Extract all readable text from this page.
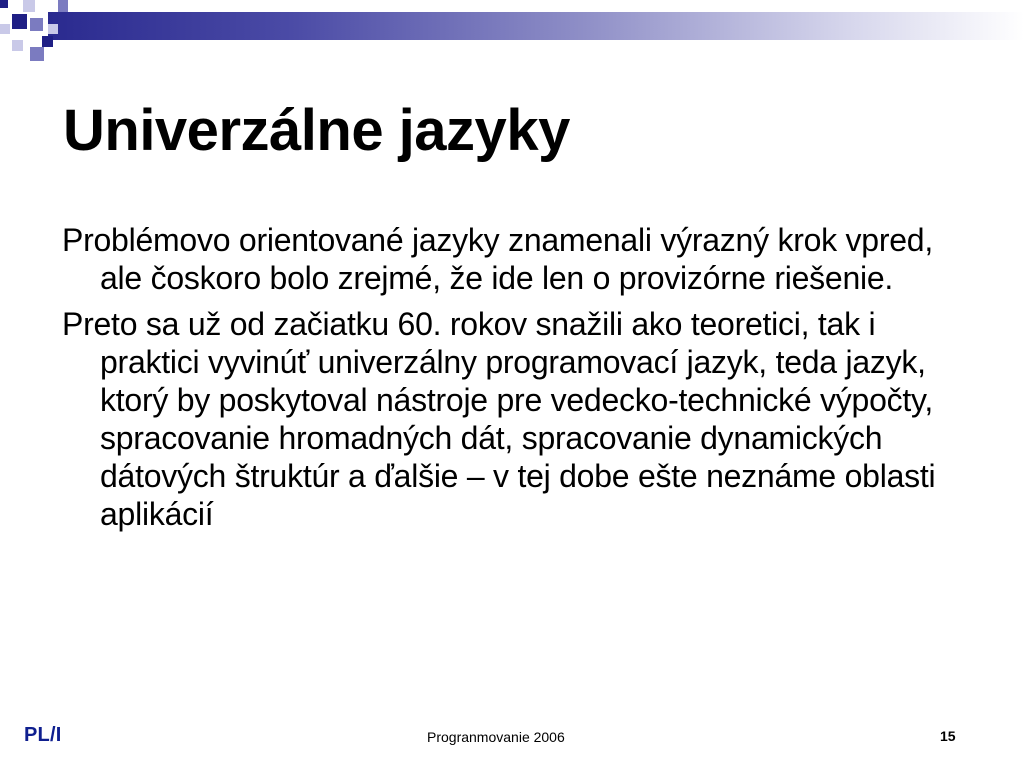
Univerzálne jazyky
Problémovo orientované jazyky znamenali výrazný krok vpred, ale čoskoro bolo zrejmé, že ide len o provizórne riešenie.
Preto sa už od začiatku 60. rokov snažili ako teoretici, tak i praktici vyvinúť univerzálny programovací jazyk, teda jazyk, ktorý by poskytoval nástroje pre vedecko-technické výpočty, spracovanie hromadných dát, spracovanie dynamických dátových štruktúr a ďalšie – v tej dobe ešte neznáme oblasti aplikácií
PL/I	Progranmovanie 2006	15
